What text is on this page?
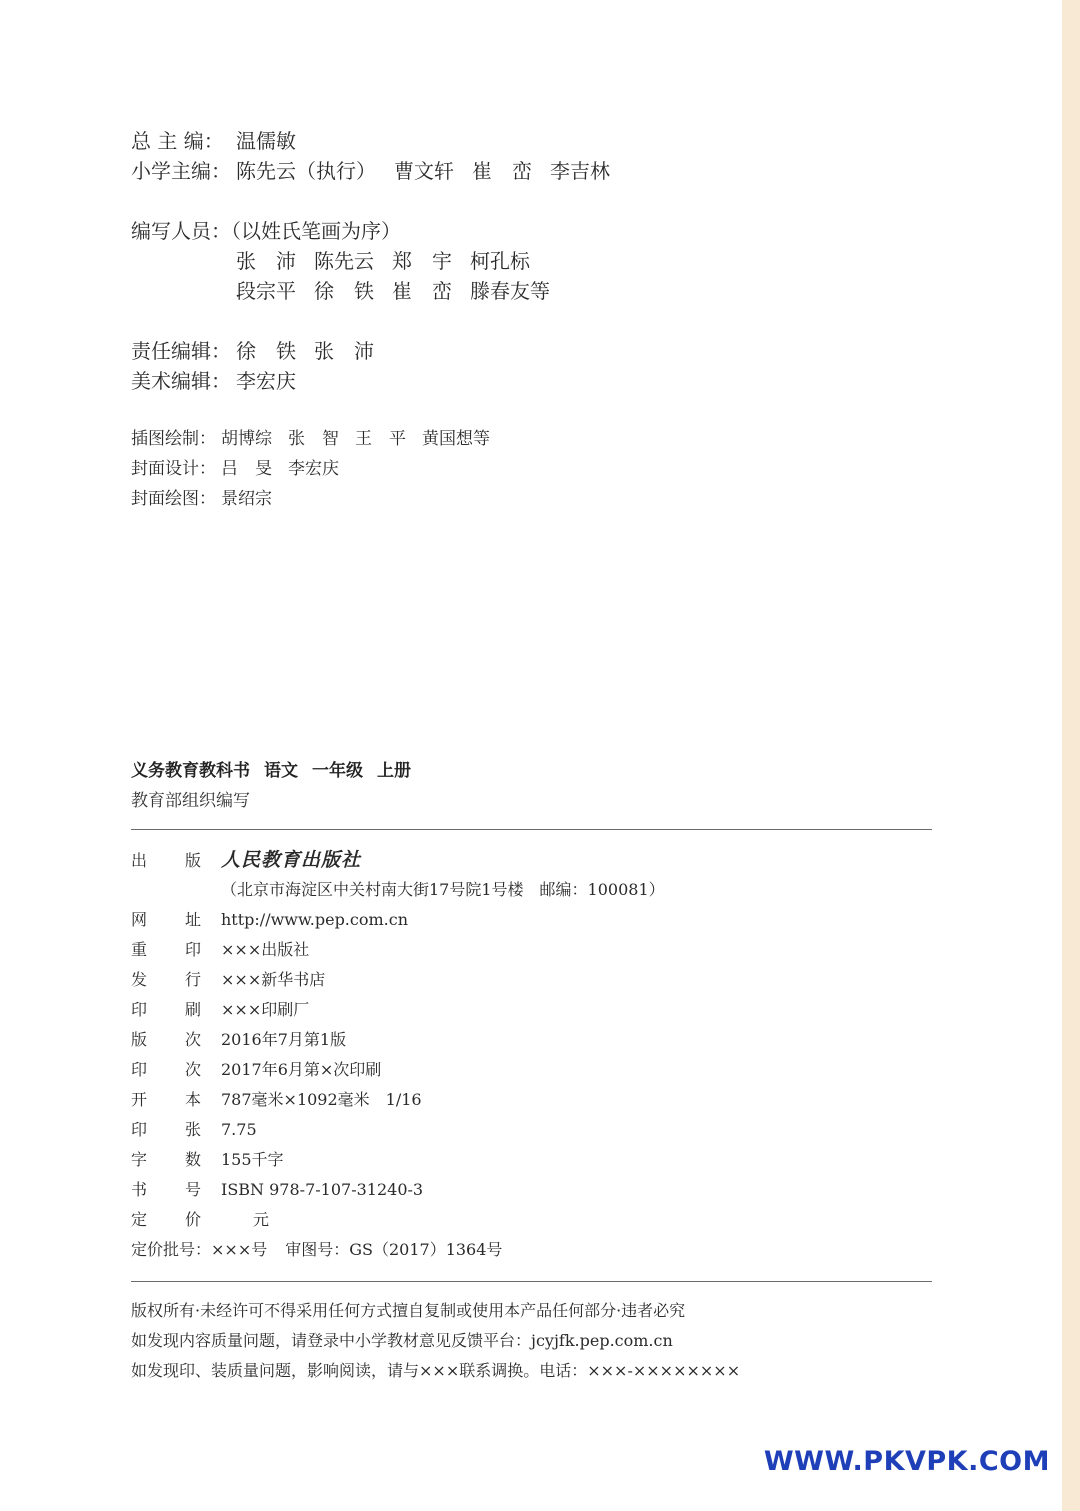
总 主 编： 温儒敏
小学主编： 陈先云（执行） 曹文轩 崔　峦 李吉林
编写人员：（以姓氏笔画为序）
张　沛 陈先云 郑　宇 柯孔标
段宗平 徐　铁 崔　峦 滕春友等
责任编辑： 徐　铁 张　沛
美术编辑： 李宏庆
插图绘制： 胡博综 张　智 王　平 黄国想等
封面设计： 吕　旻 李宏庆
封面绘图： 景绍宗
义务教育教科书 语文 一年级 上册
教育部组织编写
出 版 人民教育出版社
（北京市海淀区中关村南大街17号院1号楼　邮编：100081）
网 址 http://www.pep.com.cn
重 印 ×××出版社
发 行 ×××新华书店
印 刷 ×××印刷厂
版 次 2016年7月第1版
印 次 2017年6月第×次印刷
开 本 787毫米×1092毫米　1/16
印 张 7.75
字 数 155千字
书 号 ISBN 978-7-107-31240-3
定 价　　元
定价批号：×××号 审图号：GS（2017）1364号
版权所有·未经许可不得采用任何方式擅自复制或使用本产品任何部分·违者必究
如发现内容质量问题，请登录中小学教材意见反馈平台：jcyjfk.pep.com.cn
如发现印、装质量问题，影响阅读，请与×××联系调换。电话：×××-××××××××
WWW.PKVPK.COM
